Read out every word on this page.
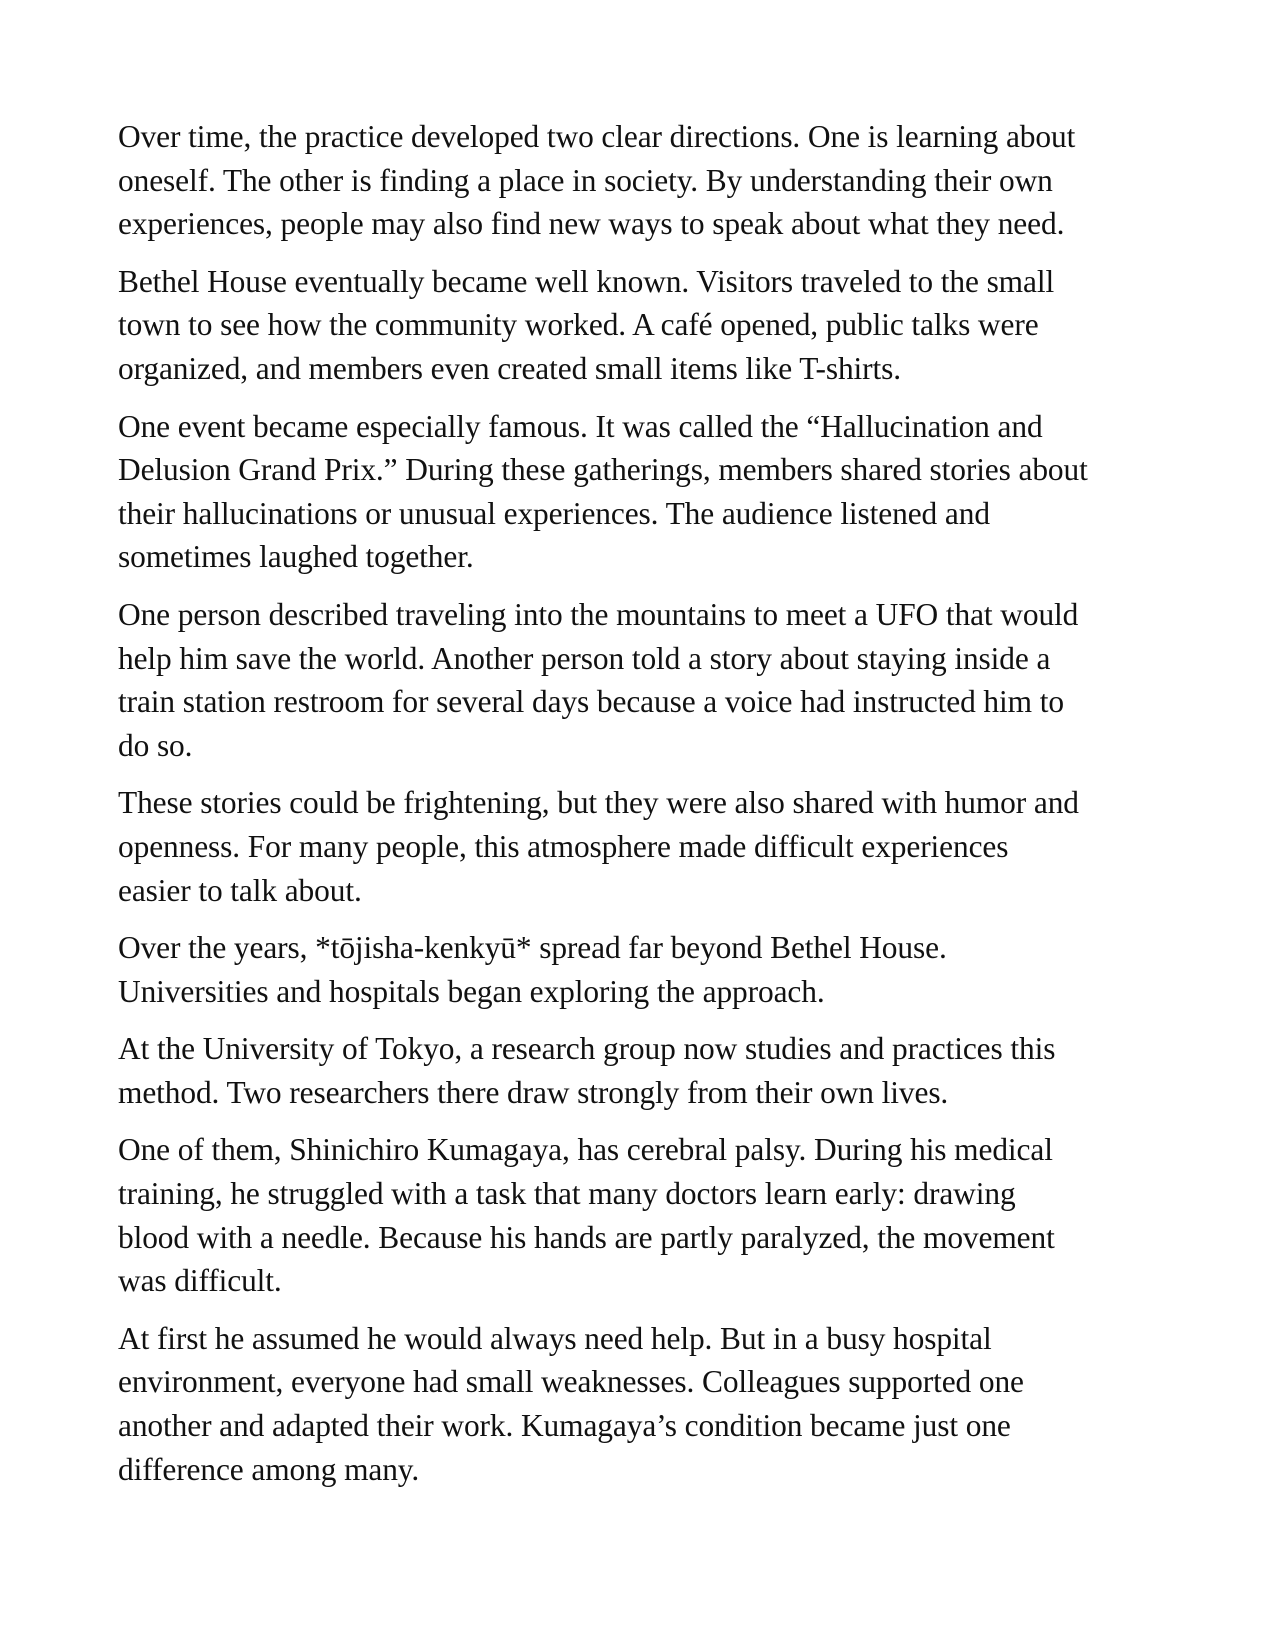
Over time, the practice developed two clear directions. One is learning about
oneself. The other is finding a place in society. By understanding their own
experiences, people may also find new ways to speak about what they need.

Bethel House eventually became well known. Visitors traveled to the small
town to see how the community worked. A café opened, public talks were
organized, and members even created small items like T-shirts.

One event became especially famous. It was called the “Hallucination and
Delusion Grand Prix.” During these gatherings, members shared stories about
their hallucinations or unusual experiences. The audience listened and
sometimes laughed together.

One person described traveling into the mountains to meet a UFO that would
help him save the world. Another person told a story about staying inside a
train station restroom for several days because a voice had instructed him to
do so.

These stories could be frightening, but they were also shared with humor and
openness. For many people, this atmosphere made difficult experiences
easier to talk about.

Over the years, *tōjisha-kenkyū* spread far beyond Bethel House.
Universities and hospitals began exploring the approach.

At the University of Tokyo, a research group now studies and practices this
method. Two researchers there draw strongly from their own lives.

One of them, Shinichiro Kumagaya, has cerebral palsy. During his medical
training, he struggled with a task that many doctors learn early: drawing
blood with a needle. Because his hands are partly paralyzed, the movement
was difficult.

At first he assumed he would always need help. But in a busy hospital
environment, everyone had small weaknesses. Colleagues supported one
another and adapted their work. Kumagaya’s condition became just one
difference among many.
